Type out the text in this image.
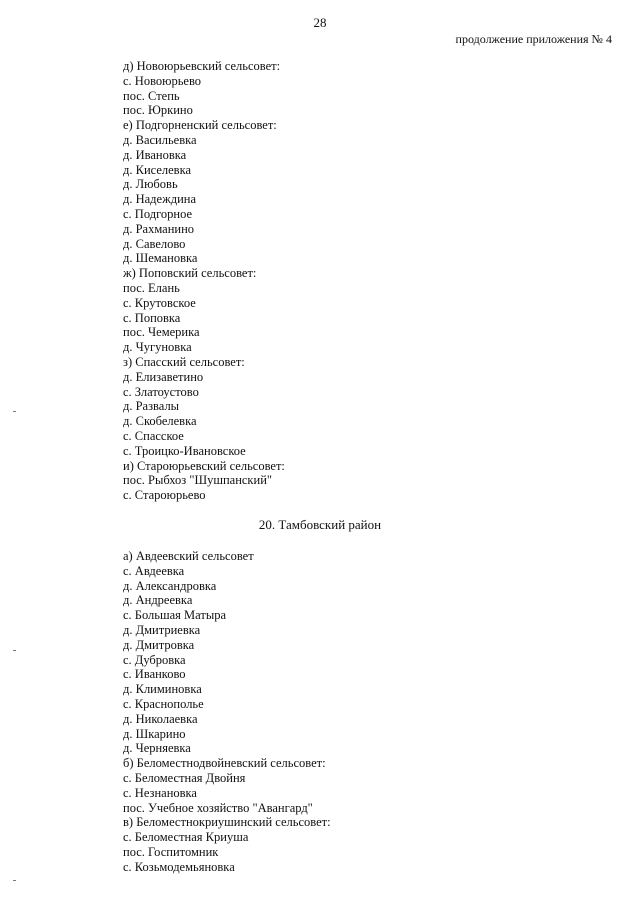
28
продолжение приложения № 4
д) Новоюрьевский сельсовет:
с. Новоюрьево
пос. Степь
пос. Юркино
е) Подгорненский сельсовет:
д. Васильевка
д. Ивановка
д. Киселевка
д. Любовь
д. Надеждина
с. Подгорное
д. Рахманино
д. Савелово
д. Шемановка
ж) Поповский сельсовет:
пос. Елань
с. Крутовское
с. Поповка
пос. Чемерика
д. Чугуновка
з) Спасский сельсовет:
д. Елизаветино
с. Златоустово
д. Развалы
д. Скобелевка
с. Спасское
с. Троицко-Ивановское
и) Староюрьевский сельсовет:
пос. Рыбхоз "Шушпанский"
с. Староюрьево
20. Тамбовский район
а) Авдеевский сельсовет
с. Авдеевка
д. Александровка
д. Андреевка
с. Большая Матыра
д. Дмитриевка
д. Дмитровка
с. Дубровка
с. Иванково
д. Климиновка
с. Краснополье
д. Николаевка
д. Шкарино
д. Черняевка
б) Беломестнодвойневский сельсовет:
с. Беломестная Двойня
с. Незнановка
пос. Учебное хозяйство "Авангард"
в) Беломестнокриушинский сельсовет:
с. Беломестная Криуша
пос. Госпитомник
с. Козьмодемьяновка
